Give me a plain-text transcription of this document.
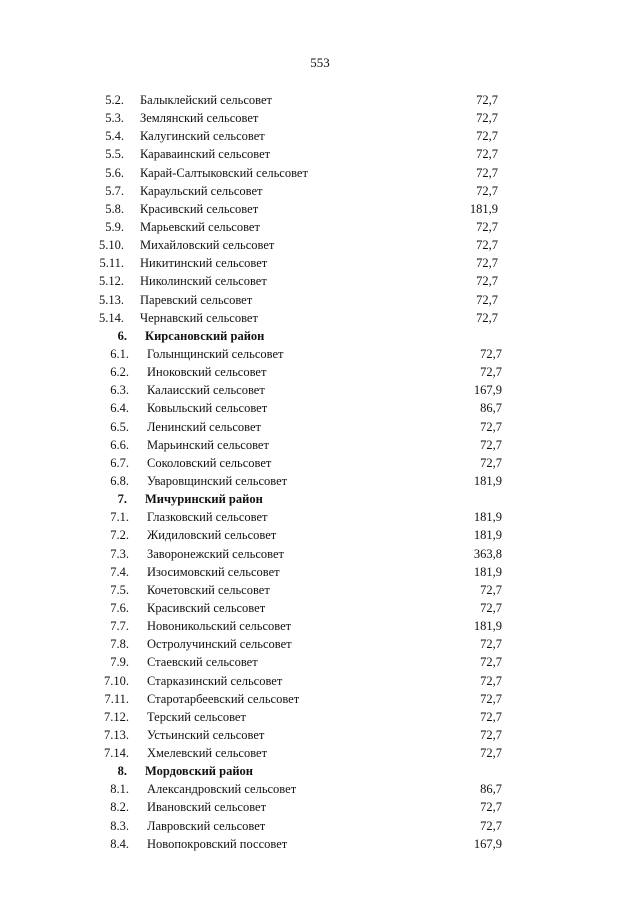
553
5.2. Балыклейский сельсовет	72,7
5.3. Землянский сельсовет	72,7
5.4. Калугинский сельсовет	72,7
5.5. Караваинский сельсовет	72,7
5.6. Карай-Салтыковский сельсовет	72,7
5.7. Караульский сельсовет	72,7
5.8. Красивский сельсовет	181,9
5.9. Марьевский сельсовет	72,7
5.10. Михайловский сельсовет	72,7
5.11. Никитинский сельсовет	72,7
5.12. Николинский сельсовет	72,7
5.13. Паревский сельсовет	72,7
5.14. Чернавский сельсовет	72,7
6. Кирсановский район
6.1. Голынщинский сельсовет	72,7
6.2. Иноковский сельсовет	72,7
6.3. Калаисский сельсовет	167,9
6.4. Ковыльский сельсовет	86,7
6.5. Ленинский сельсовет	72,7
6.6. Марьинский сельсовет	72,7
6.7. Соколовский сельсовет	72,7
6.8. Уваровщинский сельсовет	181,9
7. Мичуринский район
7.1. Глазковский сельсовет	181,9
7.2. Жидиловский сельсовет	181,9
7.3. Заворонежский сельсовет	363,8
7.4. Изосимовский сельсовет	181,9
7.5. Кочетовский сельсовет	72,7
7.6. Красивский сельсовет	72,7
7.7. Новоникольский сельсовет	181,9
7.8. Остролучинский сельсовет	72,7
7.9. Стаевский сельсовет	72,7
7.10. Старказинский сельсовет	72,7
7.11. Старотарбеевский сельсовет	72,7
7.12. Терский сельсовет	72,7
7.13. Устьинский сельсовет	72,7
7.14. Хмелевский сельсовет	72,7
8. Мордовский район
8.1. Александровский сельсовет	86,7
8.2. Ивановский сельсовет	72,7
8.3. Лавровский сельсовет	72,7
8.4. Новопокровский поссовет	167,9
